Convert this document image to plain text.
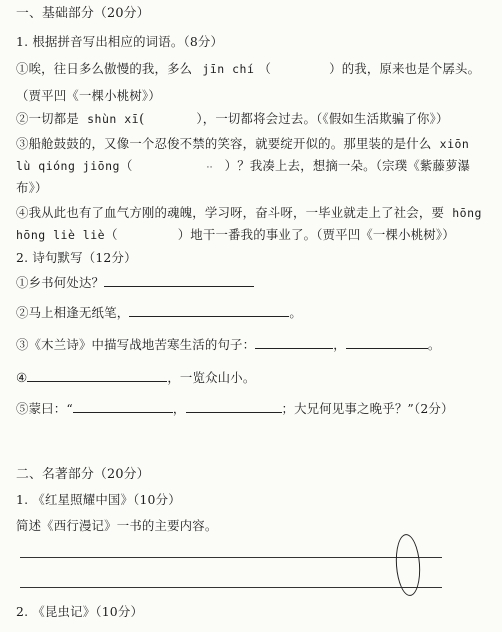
一、基础部分（20分）
1. 根据拼音写出相应的词语。（8分）
①唉，往日多么傲慢的我，多么 jīn chí （	）的我，原来也是个孱头。
（贾平凹《一棵小桃树》）
②一切都是 shùn xī(	），一切都将会过去。（《假如生活欺骗了你》）
③船舱鼓鼓的，又像一个忍俊不禁的笑容，就要绽开似的。那里装的是什么 xiōn
lù qióng jiōng（	·· ）？我凑上去，想摘一朵。（宗璞《紫藤萝瀑
布》）
④我从此也有了血气方刚的魂魄，学习呀，奋斗呀，一毕业就走上了社会，要 hōng
hōng liè liè（	）地干一番我的事业了。（贾平凹《一棵小桃树》）
2. 诗句默写（12分）
①乡书何处达？
②马上相逢无纸笔，	。
③《木兰诗》中描写战地苦寒生活的句子：	，	。
④	，一览众山小。
⑤蒙曰：“	，	；大兄何见事之晚乎？”（2分）
二、名著部分（20分）
1. 《红星照耀中国》（10分）
简述《西行漫记》一书的主要内容。
2. 《昆虫记》（10分）
